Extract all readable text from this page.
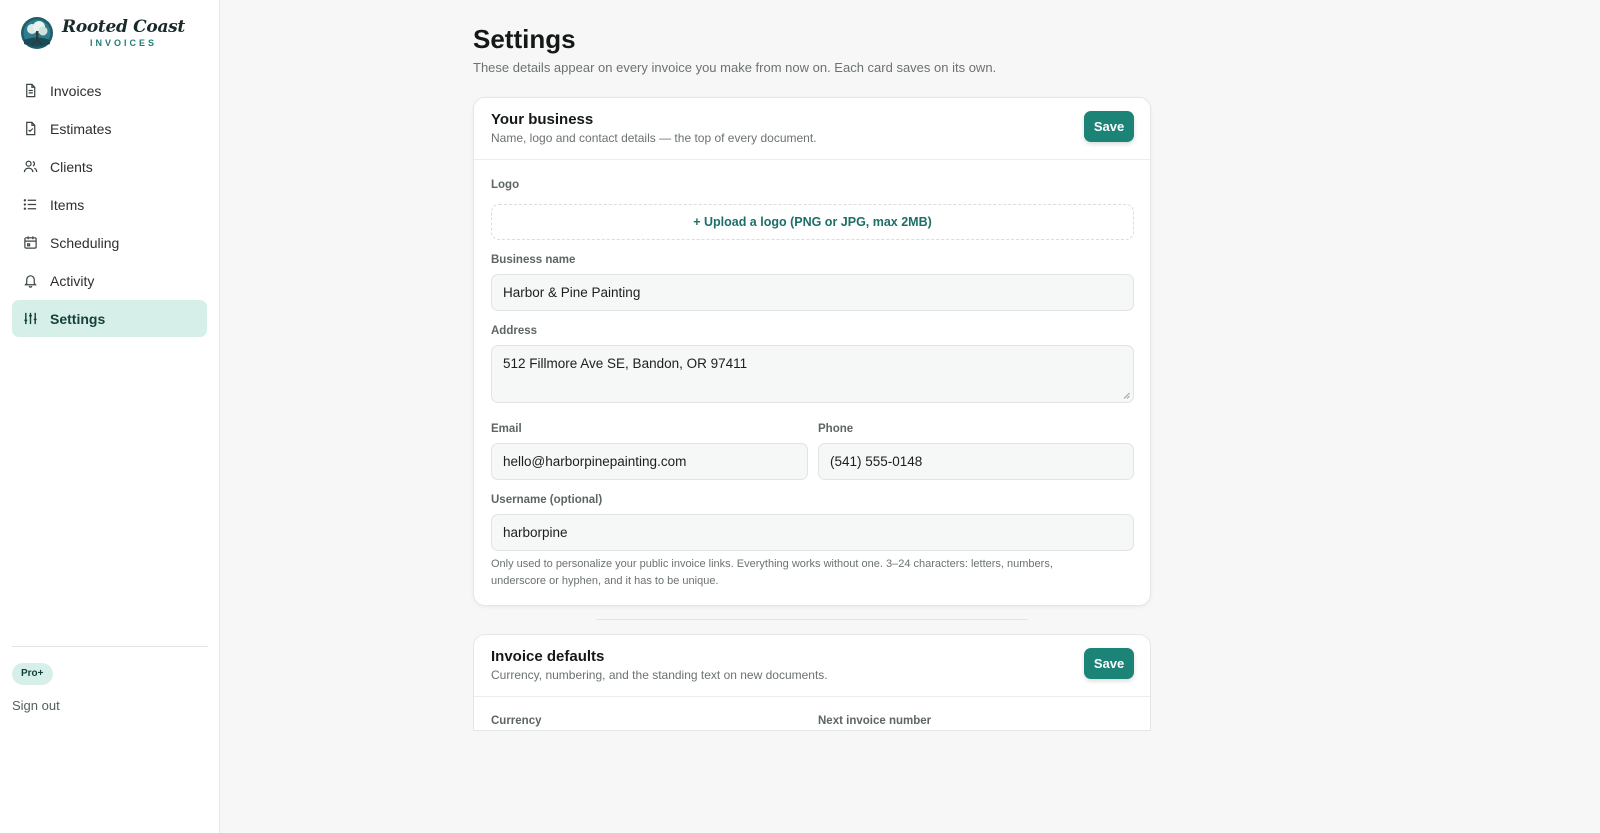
Rooted Coast
INVOICES
Invoices
Estimates
Clients
Items
Scheduling
Activity
Settings
Pro+
Sign out
Settings

These details appear on every invoice you make from now on. Each card saves on its own.

Your business
Name, logo and contact details — the top of every document.
Save
Logo
+ Upload a logo (PNG or JPG, max 2MB)
Business name
Harbor & Pine Painting
Address
512 Fillmore Ave SE, Bandon, OR 97411
Email
hello@harborpinepainting.com
Phone
(541) 555-0148
Username (optional)
harborpine
Only used to personalize your public invoice links. Everything works without one. 3–24 characters: letters, numbers,
underscore or hyphen, and it has to be unique.
Invoice defaults
Currency, numbering, and the standing text on new documents.
Save
Currency	Next invoice number
